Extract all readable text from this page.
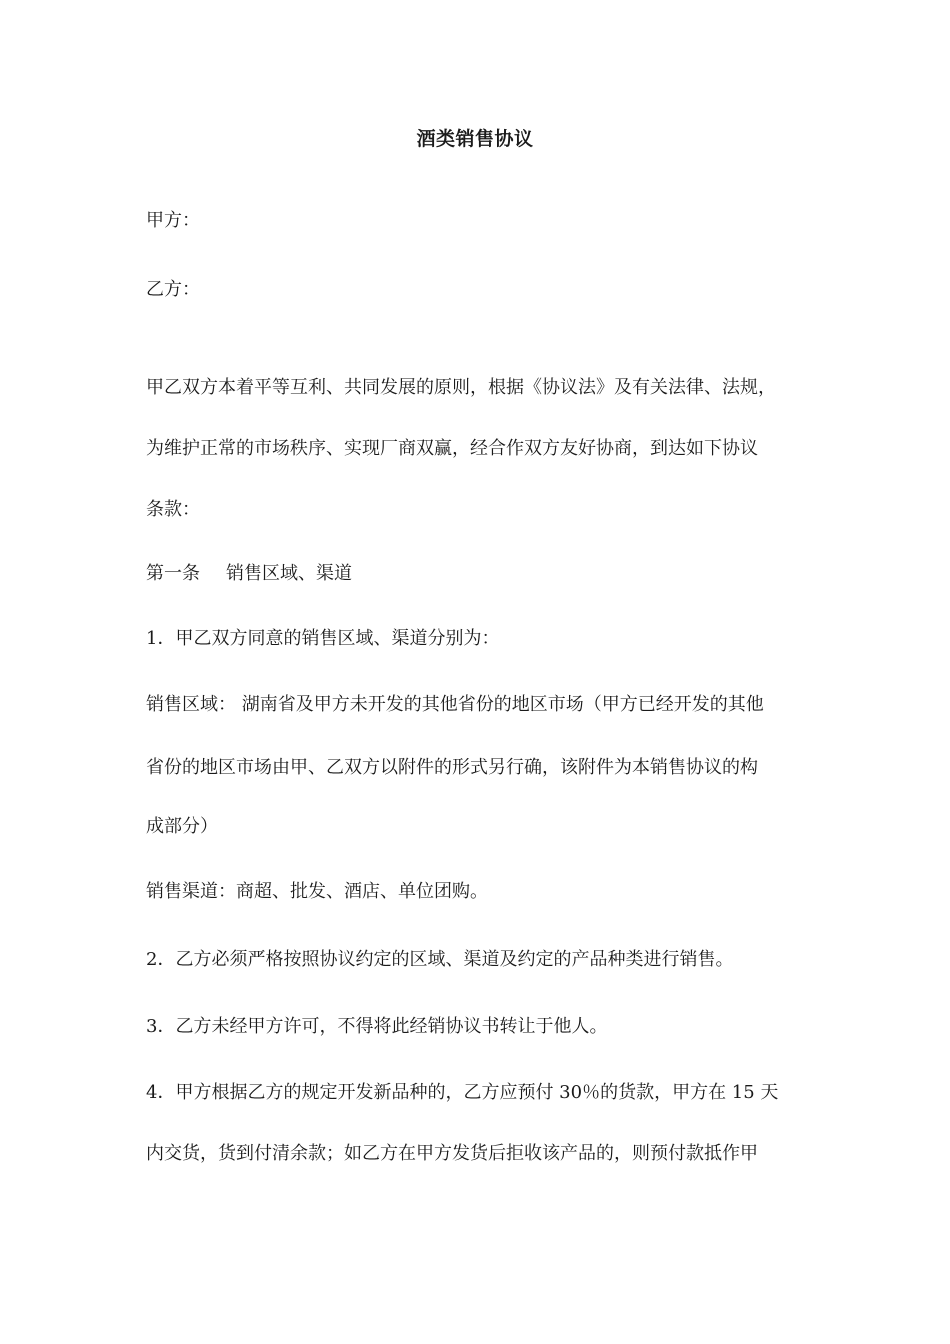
酒类销售协议
甲方：
乙方：
甲乙双方本着平等互利、共同发展的原则，根据《协议法》及有关法律、法规，
为维护正常的市场秩序、实现厂商双赢，经合作双方友好协商，到达如下协议
条款：
第一条 销售区域、渠道
1．甲乙双方同意的销售区域、渠道分别为：
销售区域： 湖南省及甲方未开发的其他省份的地区市场（甲方已经开发的其他
省份的地区市场由甲、乙双方以附件的形式另行确，该附件为本销售协议的构
成部分）
销售渠道：商超、批发、酒店、单位团购。
2．乙方必须严格按照协议约定的区域、渠道及约定的产品种类进行销售。
3．乙方未经甲方许可，不得将此经销协议书转让于他人。
4．甲方根据乙方的规定开发新品种的，乙方应预付 30％的货款，甲方在 15 天
内交货，货到付清余款；如乙方在甲方发货后拒收该产品的，则预付款抵作甲
